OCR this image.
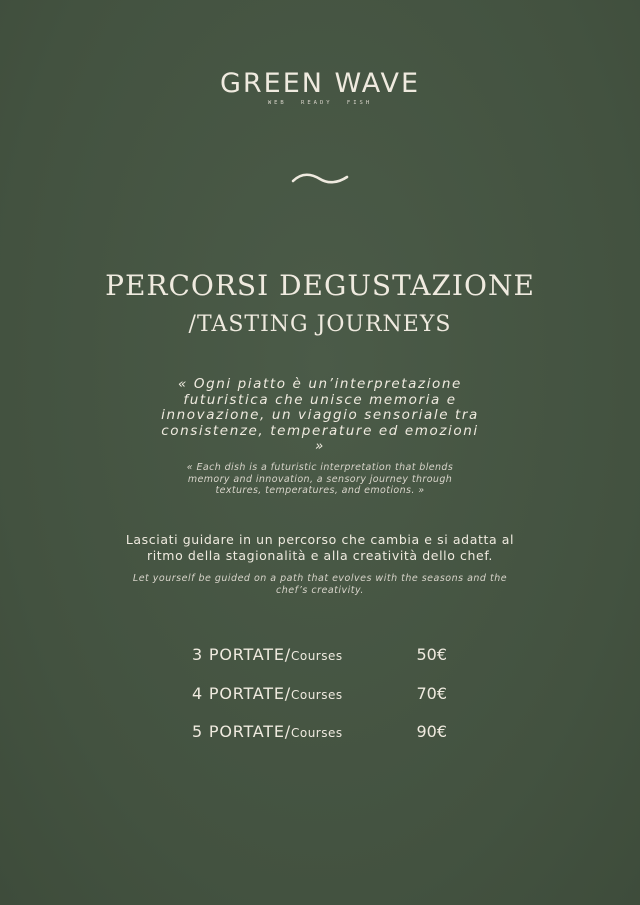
GREEN WAVE
WEB READY FISH
PERCORSI DEGUSTAZIONE
/TASTING JOURNEYS
« Ogni piatto è un’interpretazione futuristica che unisce memoria e innovazione, un viaggio sensoriale tra consistenze, temperature ed emozioni »
« Each dish is a futuristic interpretation that blends memory and innovation, a sensory journey through textures, temperatures, and emotions. »
Lasciati guidare in un percorso che cambia e si adatta al ritmo della stagionalità e alla creatività dello chef.
Let yourself be guided on a path that evolves with the seasons and the chef’s creativity.
3 PORTATE/Courses	50€
4 PORTATE/Courses	70€
5 PORTATE/Courses	90€
